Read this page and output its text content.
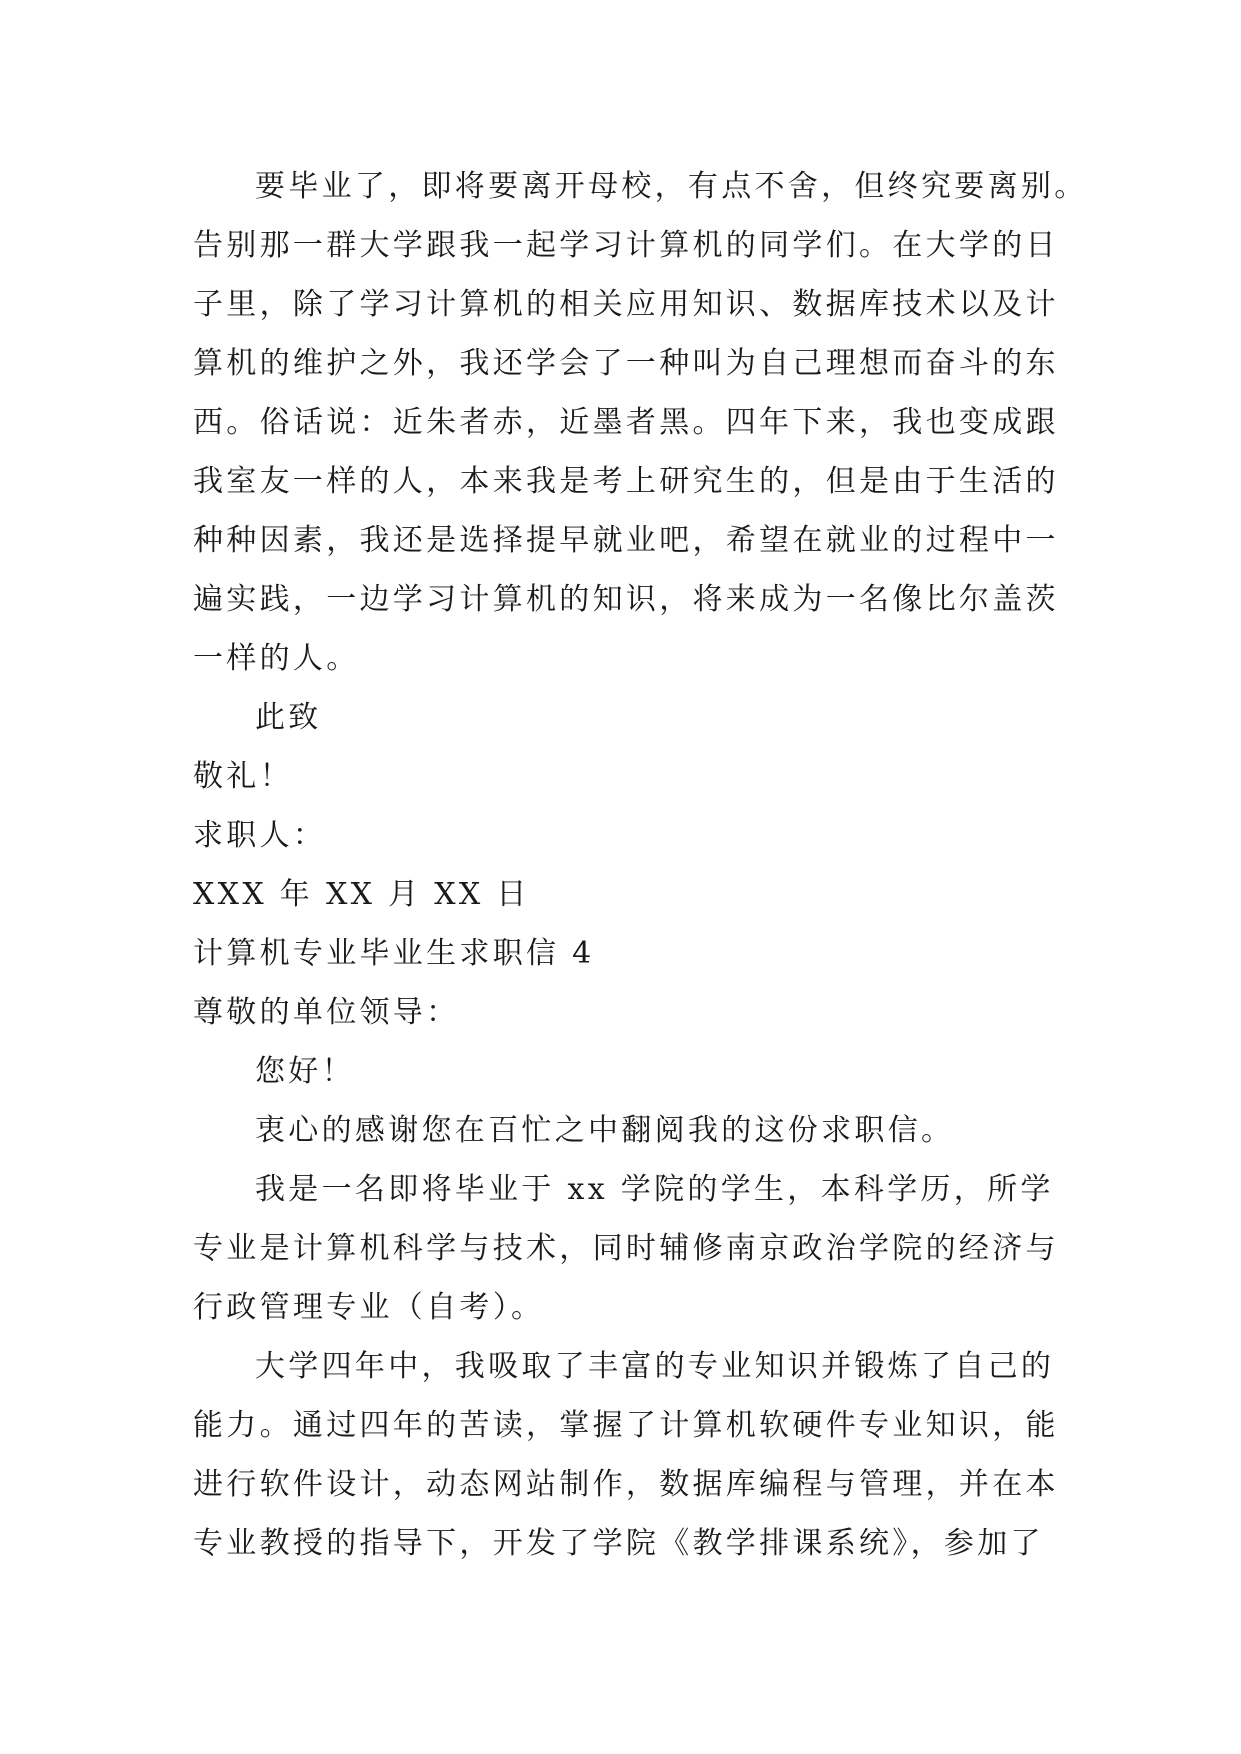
要毕业了，即将要离开母校，有点不舍，但终究要离别。
告别那一群大学跟我一起学习计算机的同学们。在大学的日
子里，除了学习计算机的相关应用知识、数据库技术以及计
算机的维护之外，我还学会了一种叫为自己理想而奋斗的东
西。俗话说：近朱者赤，近墨者黑。四年下来，我也变成跟
我室友一样的人，本来我是考上研究生的，但是由于生活的
种种因素，我还是选择提早就业吧，希望在就业的过程中一
遍实践，一边学习计算机的知识，将来成为一名像比尔盖茨
一样的人。
此致
敬礼！
求职人：
XXX 年 XX 月 XX 日
计算机专业毕业生求职信 4
尊敬的单位领导：
您好！
衷心的感谢您在百忙之中翻阅我的这份求职信。
我是一名即将毕业于 xx 学院的学生，本科学历，所学
专业是计算机科学与技术，同时辅修南京政治学院的经济与
行政管理专业（自考）。
大学四年中，我吸取了丰富的专业知识并锻炼了自己的
能力。通过四年的苦读，掌握了计算机软硬件专业知识，能
进行软件设计，动态网站制作，数据库编程与管理，并在本
专业教授的指导下，开发了学院《教学排课系统》，参加了
